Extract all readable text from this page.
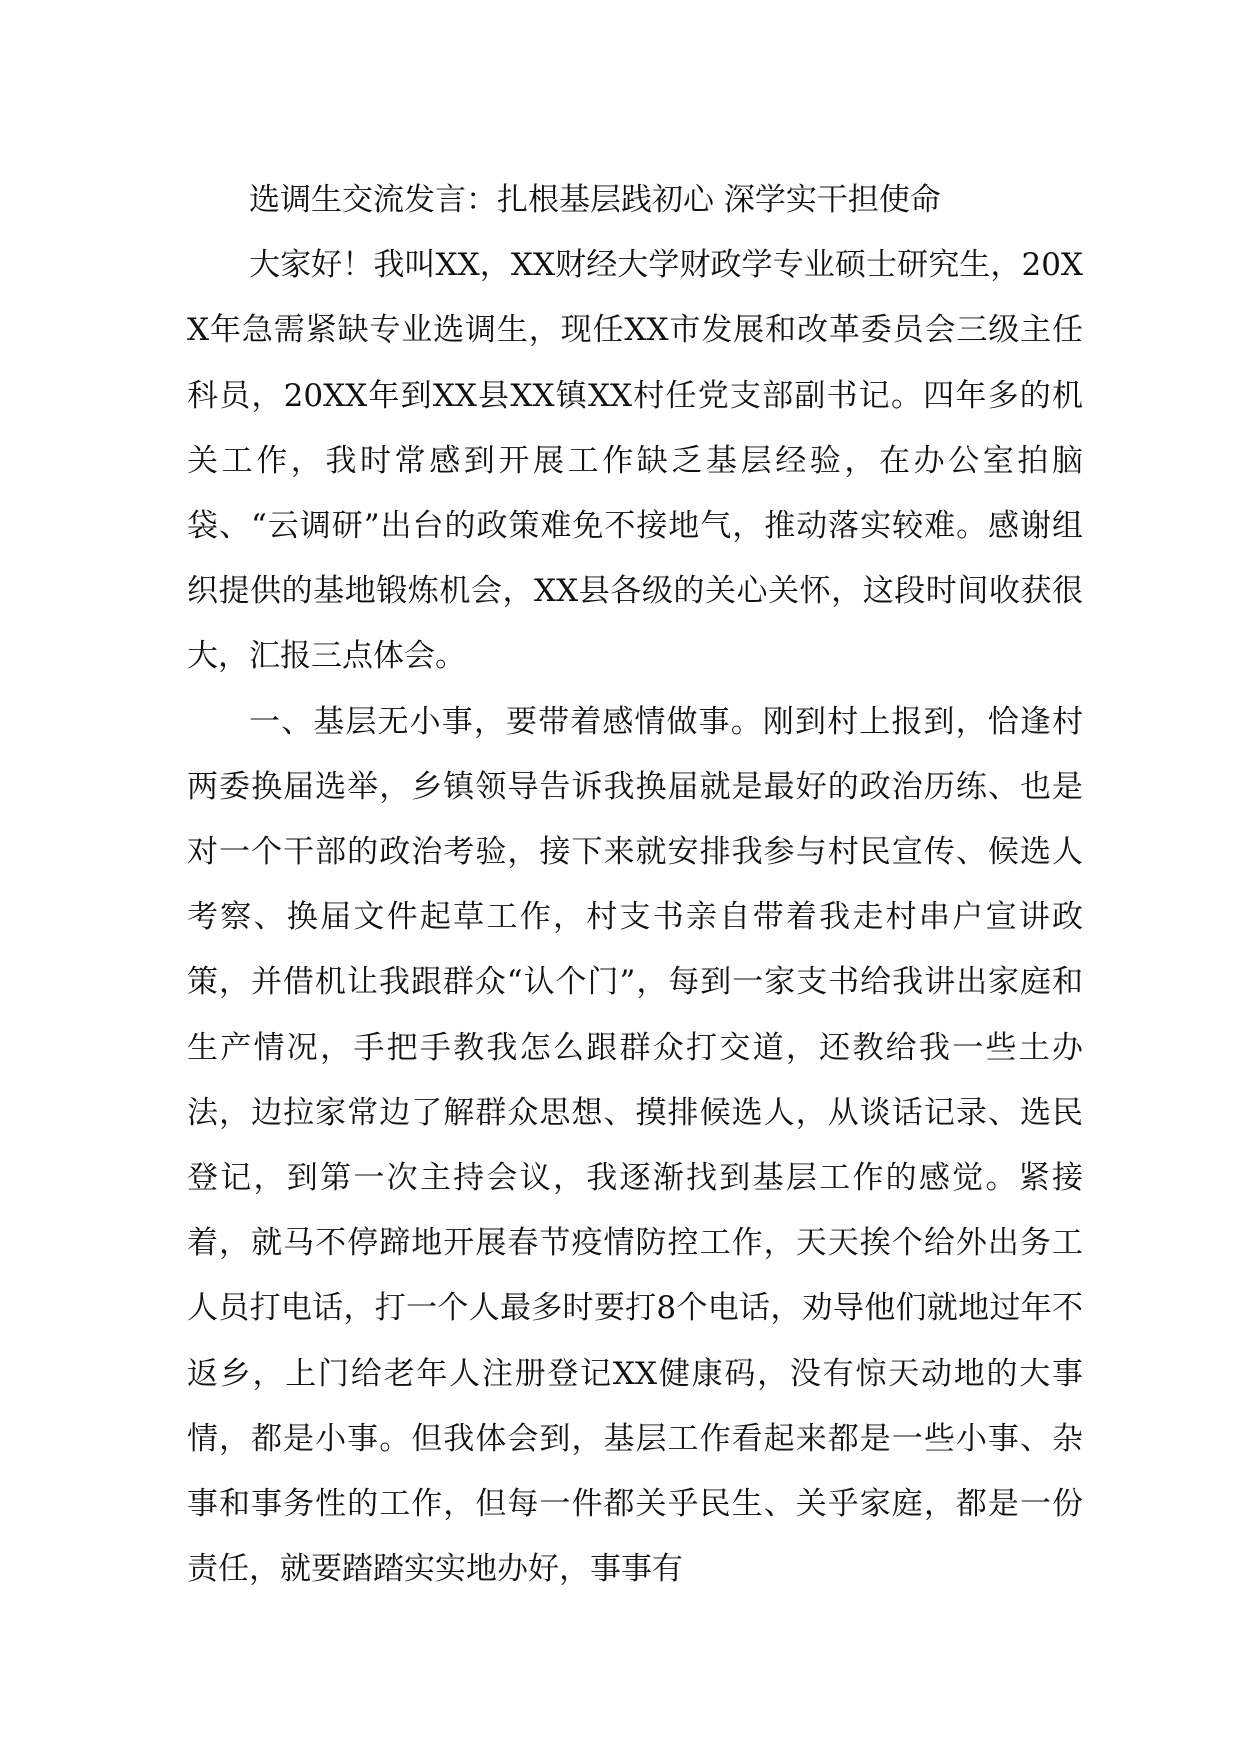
选调生交流发言：扎根基层践初心 深学实干担使命

大家好！我叫XX，XX财经大学财政学专业硕士研究生，20XX年急需紧缺专业选调生，现任XX市发展和改革委员会三级主任科员，20XX年到XX县XX镇XX村任党支部副书记。四年多的机关工作，我时常感到开展工作缺乏基层经验，在办公室拍脑袋、“云调研”出台的政策难免不接地气，推动落实较难。感谢组织提供的基地锻炼机会，XX县各级的关心关怀，这段时间收获很大，汇报三点体会。

一、基层无小事，要带着感情做事。刚到村上报到，恰逢村两委换届选举，乡镇领导告诉我换届就是最好的政治历练、也是对一个干部的政治考验，接下来就安排我参与村民宣传、候选人考察、换届文件起草工作，村支书亲自带着我走村串户宣讲政策，并借机让我跟群众“认个门”，每到一家支书给我讲出家庭和生产情况，手把手教我怎么跟群众打交道，还教给我一些土办法，边拉家常边了解群众思想、摸排候选人，从谈话记录、选民登记，到第一次主持会议，我逐渐找到基层工作的感觉。紧接着，就马不停蹄地开展春节疫情防控工作，天天挨个给外出务工人员打电话，打一个人最多时要打8个电话，劝导他们就地过年不返乡，上门给老年人注册登记XX健康码，没有惊天动地的大事情，都是小事。但我体会到，基层工作看起来都是一些小事、杂事和事务性的工作，但每一件都关乎民生、关乎家庭，都是一份责任，就要踏踏实实地办好，事事有
